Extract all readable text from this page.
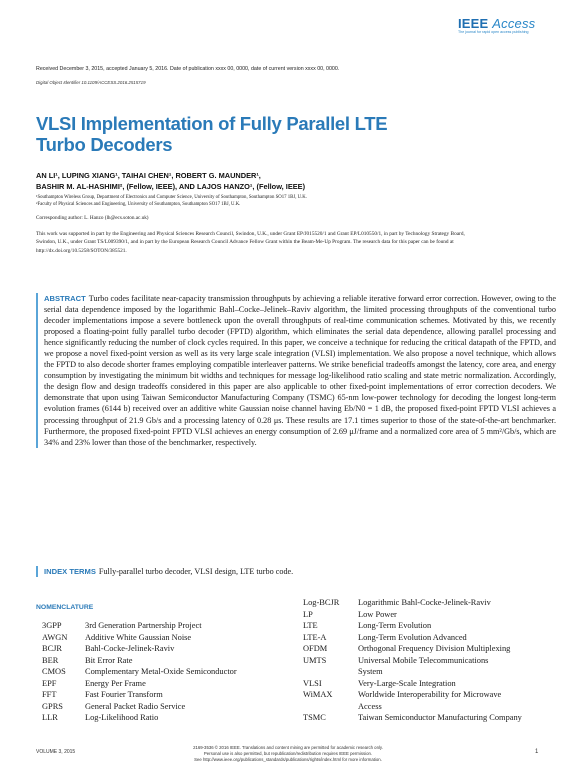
IEEE Access
The journal for rapid open access publishing
Received December 3, 2015, accepted January 5, 2016. Date of publication xxxx 00, 0000, date of current version xxxx 00, 0000.
Digital Object Identifier 10.1109/ACCESS.2016.2515719
VLSI Implementation of Fully Parallel LTE Turbo Decoders
AN LI¹, LUPING XIANG¹, TAIHAI CHEN¹, ROBERT G. MAUNDER¹,
BASHIR M. AL-HASHIMI², (Fellow, IEEE), AND LAJOS HANZO¹, (Fellow, IEEE)
¹Southampton Wireless Group, Department of Electronics and Computer Science, University of Southampton, Southampton SO17 1BJ, U.K.
²Faculty of Physical Sciences and Engineering, University of Southampton, Southampton SO17 1BJ, U.K.
Corresponding author: L. Hanzo (lh@ecs.soton.ac.uk)
This work was supported in part by the Engineering and Physical Sciences Research Council, Swindon, U.K., under Grant EP/J015520/1 and Grant EP/L010550/1, in part by Technology Strategy Board, Swindon, U.K., under Grant TS/L009390/1, and in part by the European Research Council Advance Fellow Grant within the Beam-Me-Up Program. The research data for this paper can be found at http://dx.doi.org/10.5258/SOTON/385521.

ABSTRACT Turbo codes facilitate near-capacity transmission throughputs by achieving a reliable iterative forward error correction. However, owing to the serial data dependence imposed by the logarithmic Bahl–Cocke–Jelinek–Raviv algorithm, the limited processing throughputs of the conventional turbo decoder implementations impose a severe bottleneck upon the overall throughputs of real-time communication schemes. Motivated by this, we recently proposed a floating-point fully parallel turbo decoder (FPTD) algorithm, which eliminates the serial data dependence, allowing parallel processing and hence significantly reducing the number of clock cycles required. In this paper, we conceive a technique for reducing the critical datapath of the FPTD, and we propose a novel fixed-point version as well as its very large scale integration (VLSI) implementation. We also propose a novel technique, which allows the FPTD to also decode shorter frames employing compatible interleaver patterns. We strike beneficial tradeoffs amongst the latency, core area, and energy consumption by investigating the minimum bit widths and techniques for message log-likelihood ratio scaling and state metric normalization. Accordingly, the design flow and design tradeoffs considered in this paper are also applicable to other fixed-point implementations of error correction decoders. We demonstrate that upon using Taiwan Semiconductor Manufacturing Company (TSMC) 65-nm low-power technology for decoding the longest long-term evolution frames (6144 b) received over an additive white Gaussian noise channel having Eb/N0 = 1 dB, the proposed fixed-point FPTD VLSI achieves a processing throughput of 21.9 Gb/s and a processing latency of 0.28 μs. These results are 17.1 times superior to those of the state-of-the-art benchmarker. Furthermore, the proposed fixed-point FPTD VLSI achieves an energy consumption of 2.69 μJ/frame and a normalized core area of 5 mm²/Gb/s, which are 34% and 23% lower than those of the benchmarker, respectively.

INDEX TERMS Fully-parallel turbo decoder, VLSI design, LTE turbo code.
NOMENCLATURE
3GPP	3rd Generation Partnership Project
AWGN	Additive White Gaussian Noise
BCJR	Bahl-Cocke-Jelinek-Raviv
BER	Bit Error Rate
CMOS	Complementary Metal-Oxide Semiconductor
EPF	Energy Per Frame
FFT	Fast Fourier Transform
GPRS	General Packet Radio Service
LLR	Log-Likelihood Ratio
Log-BCJR	Logarithmic Bahl-Cocke-Jelinek-Raviv
LP	Low Power
LTE	Long-Term Evolution
LTE-A	Long-Term Evolution Advanced
OFDM	Orthogonal Frequency Division Multiplexing
UMTS	Universal Mobile Telecommunications
System
VLSI	Very-Large-Scale Integration
WiMAX	Worldwide Interoperability for Microwave
Access
TSMC	Taiwan Semiconductor Manufacturing Company
VOLUME 3, 2015
2169-3536 © 2016 IEEE. Translations and content mining are permitted for academic research only.
Personal use is also permitted, but republication/redistribution requires IEEE permission.
See http://www.ieee.org/publications_standards/publications/rights/index.html for more information.
1
